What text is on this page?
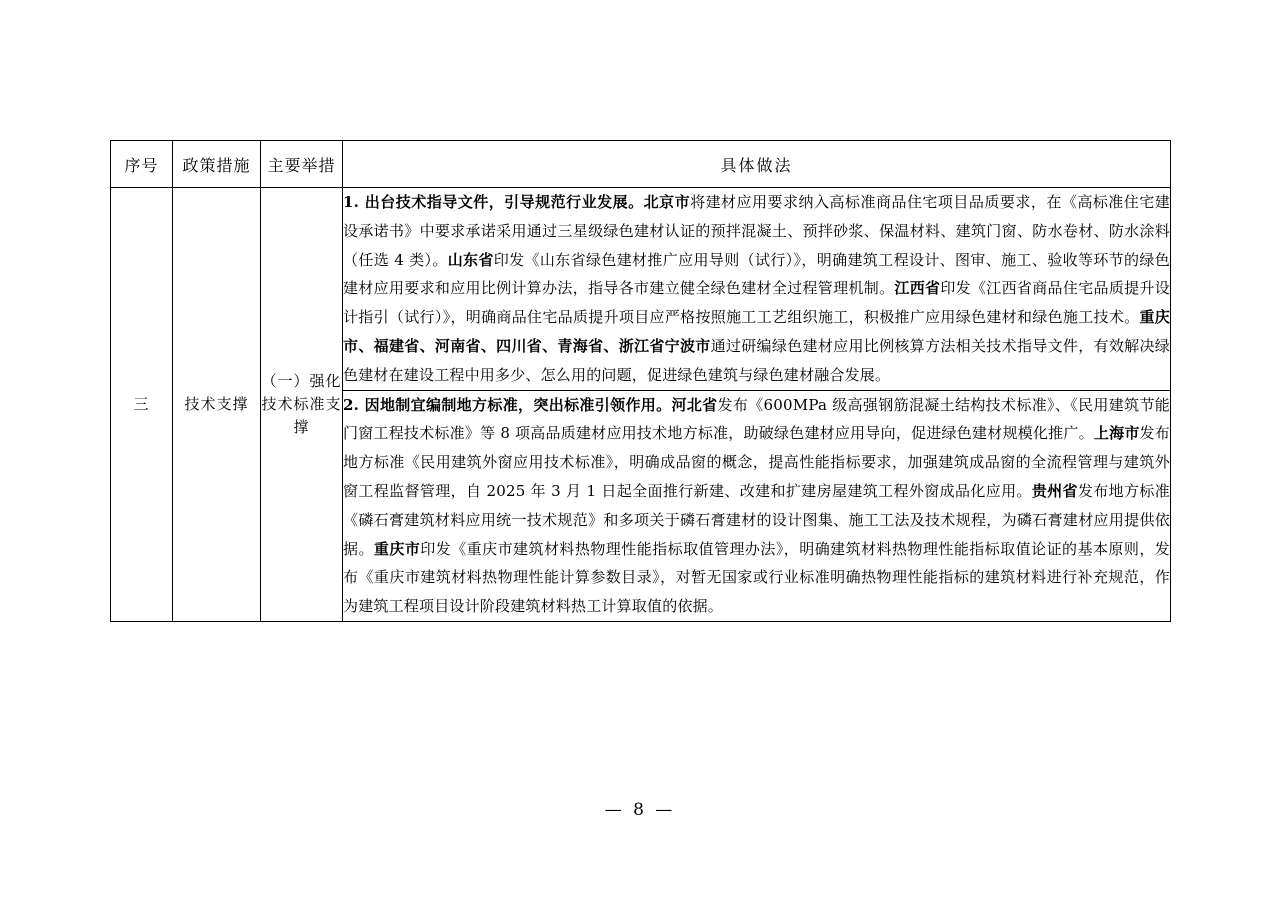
序号	政策措施	主要举措	具体做法
三	技术支撑	（一）强化技术标准支撑	1. 出台技术指导文件，引导规范行业发展。北京市将建材应用要求纳入高标准商品住宅项目品质要求，在《高标准住宅建设承诺书》中要求承诺采用通过三星级绿色建材认证的预拌混凝土、预拌砂浆、保温材料、建筑门窗、防水卷材、防水涂料（任选 4 类）。山东省印发《山东省绿色建材推广应用导则（试行）》，明确建筑工程设计、图审、施工、验收等环节的绿色建材应用要求和应用比例计算办法，指导各市建立健全绿色建材全过程管理机制。江西省印发《江西省商品住宅品质提升设计指引（试行）》，明确商品住宅品质提升项目应严格按照施工工艺组织施工，积极推广应用绿色建材和绿色施工技术。重庆市、福建省、河南省、四川省、青海省、浙江省宁波市通过研编绿色建材应用比例核算方法相关技术指导文件，有效解决绿色建材在建设工程中用多少、怎么用的问题，促进绿色建筑与绿色建材融合发展。

			2. 因地制宜编制地方标准，突出标准引领作用。河北省发布《600MPa 级高强钢筋混凝土结构技术标准》、《民用建筑节能门窗工程技术标准》等 8 项高品质建材应用技术地方标准，助破绿色建材应用导向，促进绿色建材规模化推广。上海市发布地方标准《民用建筑外窗应用技术标准》，明确成品窗的概念，提高性能指标要求，加强建筑成品窗的全流程管理与建筑外窗工程监督管理，自 2025 年 3 月 1 日起全面推行新建、改建和扩建房屋建筑工程外窗成品化应用。贵州省发布地方标准《磷石膏建筑材料应用统一技术规范》和多项关于磷石膏建材的设计图集、施工工法及技术规程，为磷石膏建材应用提供依据。重庆市印发《重庆市建筑材料热物理性能指标取值管理办法》，明确建筑材料热物理性能指标取值论证的基本原则，发布《重庆市建筑材料热物理性能计算参数目录》，对暂无国家或行业标准明确热物理性能指标的建筑材料进行补充规范，作为建筑工程项目设计阶段建筑材料热工计算取值的依据。

— 8 —
